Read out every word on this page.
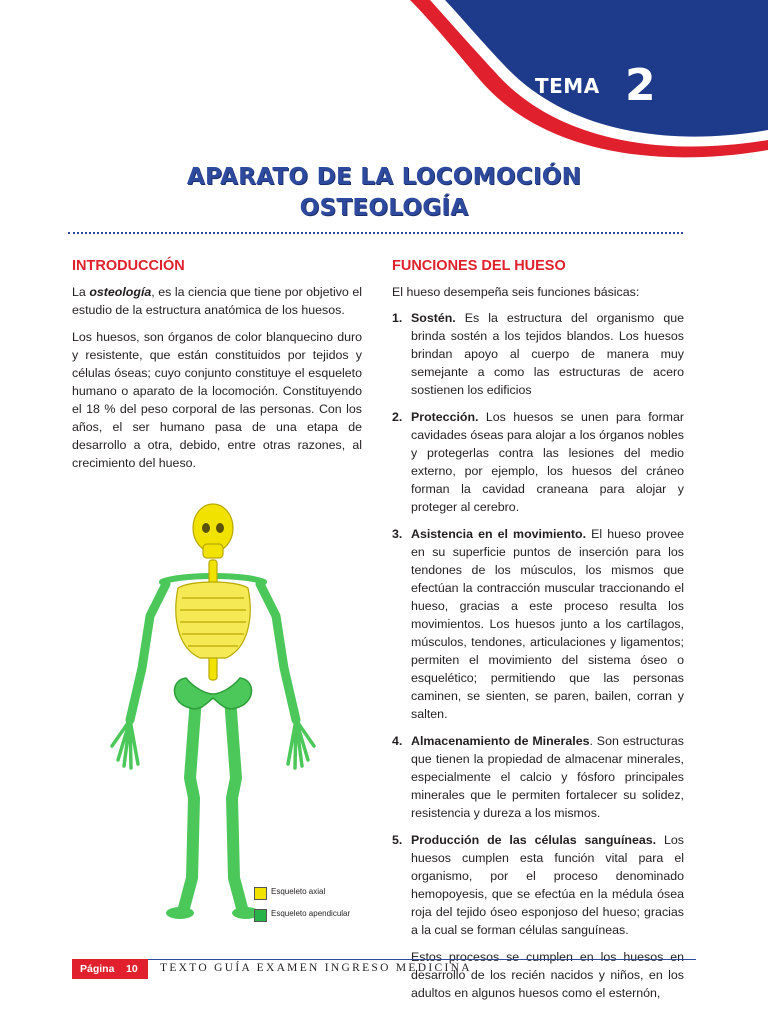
TEMA 2
APARATO DE LA LOCOMOCIÓN
OSTEOLOGÍA
INTRODUCCIÓN

La osteología, es la ciencia que tiene por objetivo el estudio de la estructura anatómica de los huesos.

Los huesos, son órganos de color blanquecino duro y resistente, que están constituidos por tejidos y células óseas; cuyo conjunto constituye el esqueleto humano o aparato de la locomoción. Constituyendo el 18 % del peso corporal de las personas. Con los años, el ser humano pasa de una etapa de desarrollo a otra, debido, entre otras razones, al crecimiento del hueso.

Esqueleto axial
Esqueleto apendicular
FUNCIONES DEL HUESO

El hueso desempeña seis funciones básicas:

1. Sostén. Es la estructura del organismo que brinda sostén a los tejidos blandos. Los huesos brindan apoyo al cuerpo de manera muy semejante a como las estructuras de acero sostienen los edificios
2. Protección. Los huesos se unen para formar cavidades óseas para alojar a los órganos nobles y protegerlas contra las lesiones del medio externo, por ejemplo, los huesos del cráneo forman la cavidad craneana para alojar y proteger al cerebro.
3. Asistencia en el movimiento. El hueso provee en su superficie puntos de inserción para los tendones de los músculos, los mismos que efectúan la contracción muscular traccionando el hueso, gracias a este proceso resulta los movimientos. Los huesos junto a los cartílagos, músculos, tendones, articulaciones y ligamentos; permiten el movimiento del sistema óseo o esquelético; permitiendo que las personas caminen, se sienten, se paren, bailen, corran y salten.
4. Almacenamiento de Minerales. Son estructuras que tienen la propiedad de almacenar minerales, especialmente el calcio y fósforo principales minerales que le permiten fortalecer su solidez, resistencia y dureza a los mismos.
5. Producción de las células sanguíneas. Los huesos cumplen esta función vital para el organismo, por el proceso denominado hemopoyesis, que se efectúa en la médula ósea roja del tejido óseo esponjoso del hueso; gracias a la cual se forman células sanguíneas.

Estos procesos se cumplen en los huesos en desarrollo de los recién nacidos y niños, en los adultos en algunos huesos como el esternón,

Página 10 TEXTO GUÍA EXAMEN INGRESO MEDICINA
